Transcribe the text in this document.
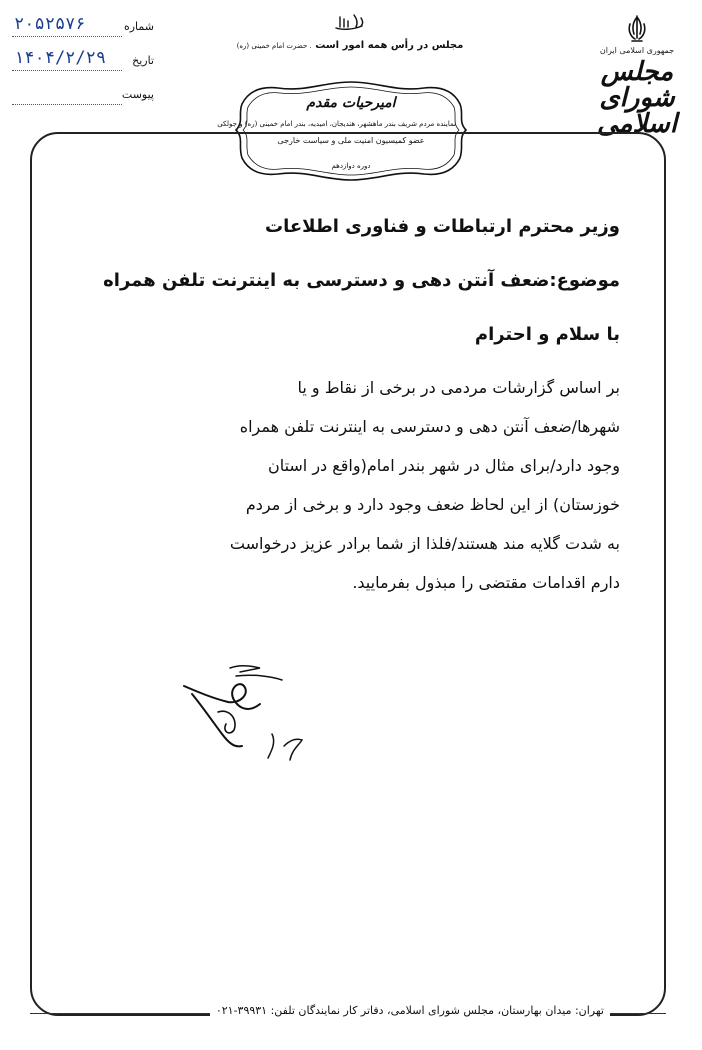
جمهوری اسلامی ایران
مجلس شورای اسلامی
مجلس در رأس همه امور است . حضرت امام خمینی (ره)
امیرحیات مقدم
نماینده مردم شریف بندر ماهشهر، هندیجان، امیدیه، بندر امام خمینی (ره) و جولکی
عضو کمیسیون امنیت ملی و سیاست خارجی
دوره دوازدهم
شماره
۲۰۵۲۵۷۶
تاریخ
۱۴۰۴/۲/۲۹
پیوست
وزیر محترم ارتباطات و فناوری اطلاعات
موضوع:ضعف آنتن دهی و دسترسی به اینترنت تلفن همراه
با سلام و احترام
بر اساس گزارشات مردمی در برخی از نقاط و یا
شهرها/ضعف آنتن دهی و دسترسی به اینترنت تلفن همراه
وجود دارد/برای مثال در شهر بندر امام(واقع در استان
خوزستان) از این لحاظ ضعف وجود دارد و برخی از مردم
به شدت گلایه مند هستند/فلذا از شما برادر عزیز درخواست
دارم اقدامات مقتضی را مبذول بفرمایید.
تهران: میدان بهارستان، مجلس شورای اسلامی، دفاتر کار نمایندگان تلفن: ۳۹۹۳۱-۰۲۱
